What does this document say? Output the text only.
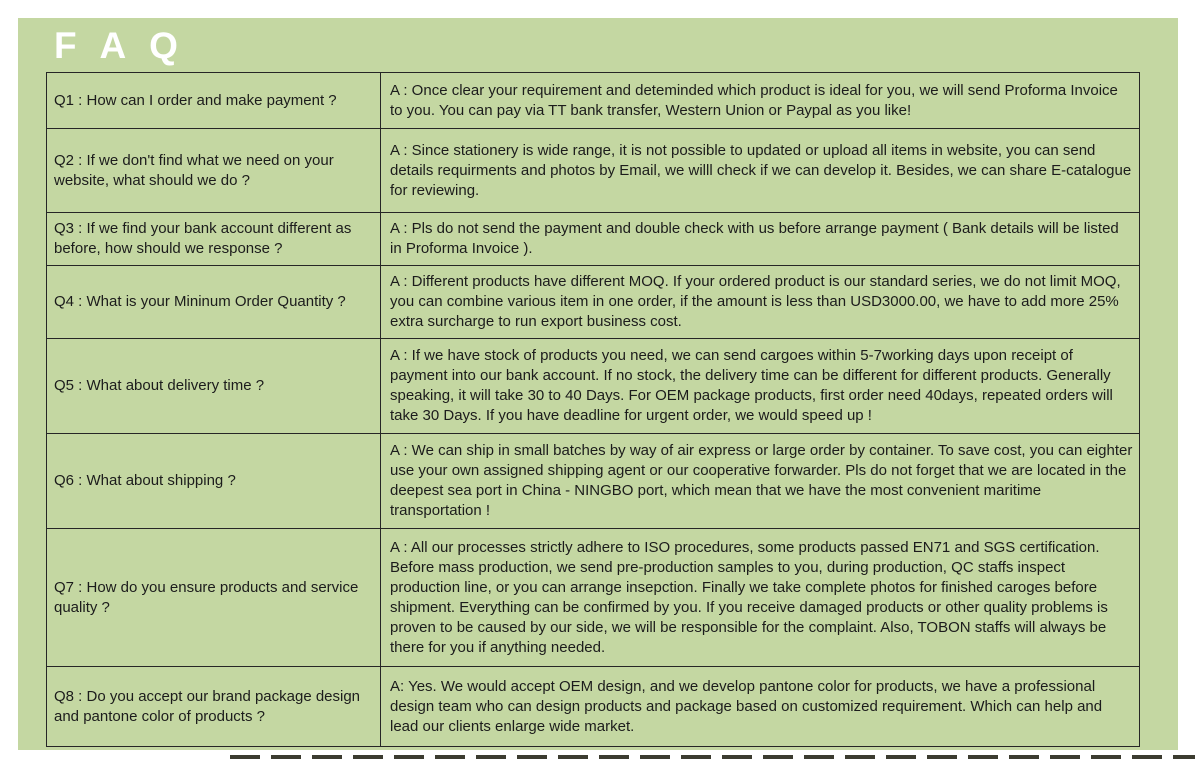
F A Q
Q1 : How can I order and make payment ?
A : Once clear your requirement and deteminded which product is ideal for you, we will send Proforma Invoice to you. You can pay via TT bank transfer, Western Union or Paypal as you like!
Q2 : If we don't find what we need on your website, what should we do ?
A : Since stationery is wide range, it is not possible to updated or upload all items in website, you can send details requirments and photos by Email, we willl check if we can develop it. Besides, we can share E-catalogue for reviewing.
Q3 : If we find your bank account different as before, how should we response ?
A : Pls do not send the payment and double check with us before arrange payment ( Bank details will be listed in Proforma Invoice ).
Q4 : What is your Mininum Order Quantity ?
A : Different products have different MOQ. If your ordered product is our standard series, we do not limit MOQ, you can combine various item in one order, if the amount is less than USD3000.00, we have to add more 25% extra surcharge to run export business cost.
Q5 : What about delivery time ?
A : If we have stock of products you need, we can send cargoes within 5-7working days upon receipt of payment into our bank account. If no stock, the delivery time can be different for different products. Generally speaking, it will take 30 to 40 Days. For OEM package products, first order need 40days, repeated orders will take 30 Days. If you have deadline for urgent order, we would speed up !
Q6 : What about shipping ?
A : We can ship in small batches by way of air express or large order by container. To save cost, you can eighter use your own assigned shipping agent or our cooperative forwarder. Pls do not forget that we are located in the deepest sea port in China - NINGBO port, which mean that we have the most convenient maritime transportation !
Q7 : How do you ensure products and service quality ?
A : All our processes strictly adhere to ISO procedures, some products passed EN71 and SGS certification. Before mass production, we send pre-production samples to you, during production, QC staffs inspect production line, or you can arrange insepction. Finally we take complete photos for finished caroges before shipment. Everything can be confirmed by you. If you receive damaged products or other quality problems is proven to be caused by our side, we will be responsible for the complaint. Also, TOBON staffs will always be there for you if anything needed.
Q8 : Do you accept our brand package design and pantone color of products ?
A: Yes. We would accept OEM design, and we develop pantone color for products, we have a professional design team who can design products and package based on customized requirement. Which can help and lead our clients enlarge wide market.
